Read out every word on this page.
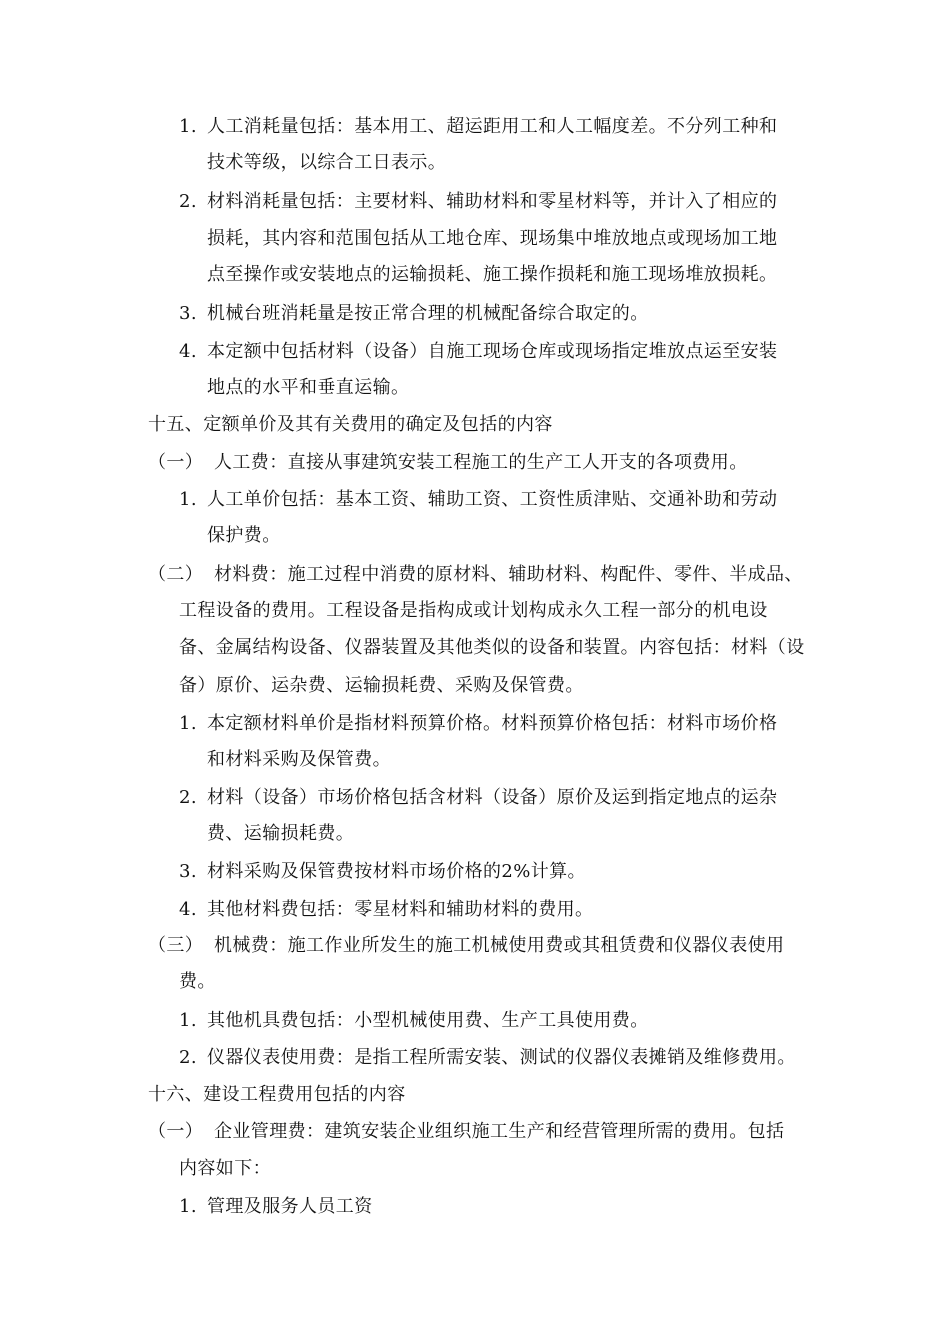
1. 人工消耗量包括：基本用工、超运距用工和人工幅度差。不分列工种和
技术等级，以综合工日表示。
2. 材料消耗量包括：主要材料、辅助材料和零星材料等，并计入了相应的
损耗，其内容和范围包括从工地仓库、现场集中堆放地点或现场加工地
点至操作或安装地点的运输损耗、施工操作损耗和施工现场堆放损耗。
3. 机械台班消耗量是按正常合理的机械配备综合取定的。
4. 本定额中包括材料（设备）自施工现场仓库或现场指定堆放点运至安装
地点的水平和垂直运输。
十五、定额单价及其有关费用的确定及包括的内容
（一） 人工费：直接从事建筑安装工程施工的生产工人开支的各项费用。
1. 人工单价包括：基本工资、辅助工资、工资性质津贴、交通补助和劳动
保护费。
（二） 材料费：施工过程中消费的原材料、辅助材料、构配件、零件、半成品、
工程设备的费用。工程设备是指构成或计划构成永久工程一部分的机电设
备、金属结构设备、仪器装置及其他类似的设备和装置。内容包括：材料（设
备）原价、运杂费、运输损耗费、采购及保管费。
1. 本定额材料单价是指材料预算价格。材料预算价格包括：材料市场价格
和材料采购及保管费。
2. 材料（设备）市场价格包括含材料（设备）原价及运到指定地点的运杂
费、运输损耗费。
3. 材料采购及保管费按材料市场价格的2%计算。
4. 其他材料费包括：零星材料和辅助材料的费用。
（三） 机械费：施工作业所发生的施工机械使用费或其租赁费和仪器仪表使用
费。
1. 其他机具费包括：小型机械使用费、生产工具使用费。
2. 仪器仪表使用费：是指工程所需安装、测试的仪器仪表摊销及维修费用。
十六、建设工程费用包括的内容
（一） 企业管理费：建筑安装企业组织施工生产和经营管理所需的费用。包括
内容如下：
1. 管理及服务人员工资
